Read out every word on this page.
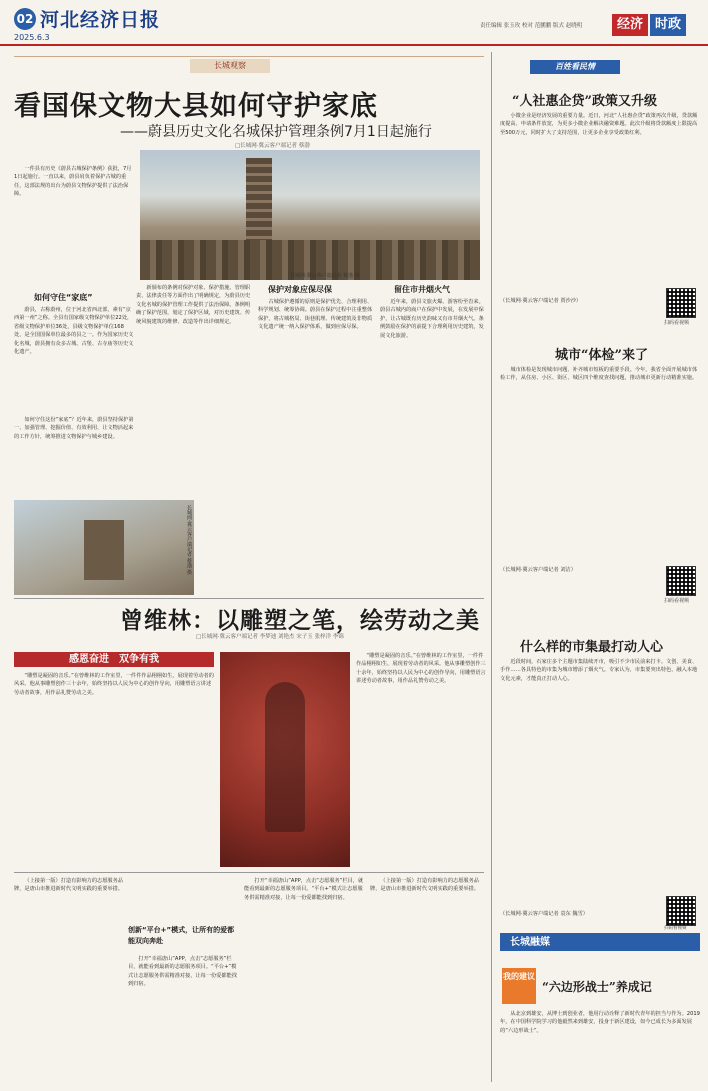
02 河北经济日报
2025.6.3
责任编辑 张玉玫 校对 范鹏鹏 版式 赵晓明	经济 时政
长城观察
看国保文物大县如何守护家底
——蔚县历史文化名城保护管理条例7月1日起施行
□长城网·冀云客户端记者 蔡渤
长城网·冀云客户端记者 蔡渤 摄
一件县有历史《蔚县古城保护条例》获批，7月1日起施行。一直以来，蔚县肩负着保护古城的重任，这部法规的出台为蔚县文物保护提供了法治保障。
如何守住“家底”
蔚县，古称蔚州，位于河北省西北部，素有“京西第一州”之称。全县有国家级文物保护单位22处，省级文物保护单位36处，县级文物保护单位168处，是全国国保单位最多的县之一。作为国家历史文化名城，蔚县拥有众多古城、古堡、古寺庙等历史文化遗产。
如何守住这份“家底”？近年来，蔚县坚持保护第一、加强管理、挖掘价值、有效利用、让文物活起来的工作方针，统筹推进文物保护与城乡建设。
长城网·冀云客户端记者 蔡渤 摄
新颁布的条例对保护对象、保护措施、管理职责、法律责任等方面作出了明确规定，为蔚县历史文化名城的保护管理工作提供了法治保障。条例明确了保护范围，划定了保护区域，对历史建筑、传统风貌建筑的维修、改造等作出详细规定。
保护对象应保尽保
古城保护遵循的原则是保护优先、合理利用、科学规划、统筹协调。蔚县在保护过程中注重整体保护，将古城格局、街巷肌理、传统建筑及非物质文化遗产统一纳入保护体系，做到应保尽保。
留住市井烟火气
近年来，蔚县文旅火爆，游客纷至沓来。蔚县古城内的商户在保护中发展，在发展中保护，让古城既有历史韵味又有市井烟火气。条例鼓励在保护的前提下合理利用历史建筑，发展文化旅游。
曾维林：以雕塑之笔，绘劳动之美
□长城网·冀云客户端记者 李梦迪 刘艳杰 宋子玉 张梓洋 李锦
感恩奋进　双争有我
“雕塑是凝固的音乐。”在曾维林的工作室里，一件件作品栩栩如生，展现着劳动者的风采。他从事雕塑创作三十余年，始终坚持以人民为中心的创作导向，用雕塑语言讲述劳动者故事，用作品礼赞劳动之美。
“雕塑是凝固的音乐。”在曾维林的工作室里，一件件作品栩栩如生，展现着劳动者的风采。他从事雕塑创作三十余年，始终坚持以人民为中心的创作导向，用雕塑语言讲述劳动者故事，用作品礼赞劳动之美。
（上接第一版）打造有影响力的志愿服务品牌，是唐山市推进新时代文明实践的重要举措。
创新“平台+”模式，让所有的爱都能双向奔赴
打开“幸福唐山”APP，点击“志愿服务”栏目，就能看到最新的志愿服务项目。“平台+”模式让志愿服务供需精准对接，让每一份爱都能找到归宿。
打开“幸福唐山”APP，点击“志愿服务”栏目，就能看到最新的志愿服务项目。“平台+”模式让志愿服务供需精准对接，让每一份爱都能找到归宿。
（上接第一版）打造有影响力的志愿服务品牌，是唐山市推进新时代文明实践的重要举措。
百姓看民情
“人社惠企贷”政策又升级
小微企业是经济发展的重要力量。近日，河北“人社惠企贷”政策再次升级，贷款额度提高、申请条件放宽，为更多小微企业解决融资难题。此次升级将贷款额度上限提高至500万元，同时扩大了支持范围，让更多企业享受政策红利。
（长城网·冀云客户端记者 贾沙沙）
扫码看视频
城市“体检”来了
城市体检是发现城市问题、补齐城市短板的重要手段。今年，我省全面开展城市体检工作，从住房、小区、街区、城区四个维度查找问题，推动城市更新行动精准实施。
（长城网·冀云客户端记者 刘洁）
扫码看视频
什么样的市集最打动人心
近段时间，石家庄多个主题市集陆续开市，吸引不少市民前来打卡。文创、美食、手作……各具特色的市集为城市增添了烟火气。专家认为，市集要突出特色，融入本地文化元素，才能真正打动人心。
（长城网·冀云客户端记者 袁东 魏雪）
扫码看视频
长城融媒
我的建议
“六边形战士”养成记
从北京到雄安，从博士到创业者，他用行动诠释了新时代青年的担当与作为。2019年，在中国科学院学习的他毅然来到雄安，投身于新区建设，如今已成长为多面发展的“六边形战士”。
